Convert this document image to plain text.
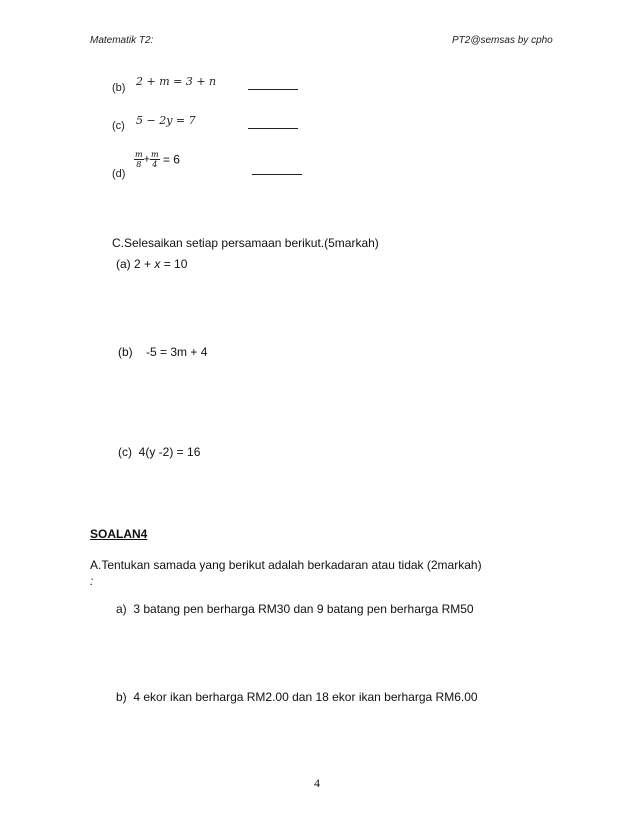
Matematik T2:	PT2@semsas by cpho
(b) 2 + m = 3 + n
(c) 5 − 2y = 7
(d)
$\frac{m}{8} + \frac{m}{4} = 6$
C.Selesaikan setiap persamaan berikut.(5markah)
(a) 2 + x = 10
(b) -5 = 3m + 4
(c) 4(y -2) = 16
SOALAN4
A.Tentukan samada yang berikut adalah berkadaran atau tidak (2markah)
:
a) 3 batang pen berharga RM30 dan 9 batang pen berharga RM50
b) 4 ekor ikan berharga RM2.00 dan 18 ekor ikan berharga RM6.00
4
